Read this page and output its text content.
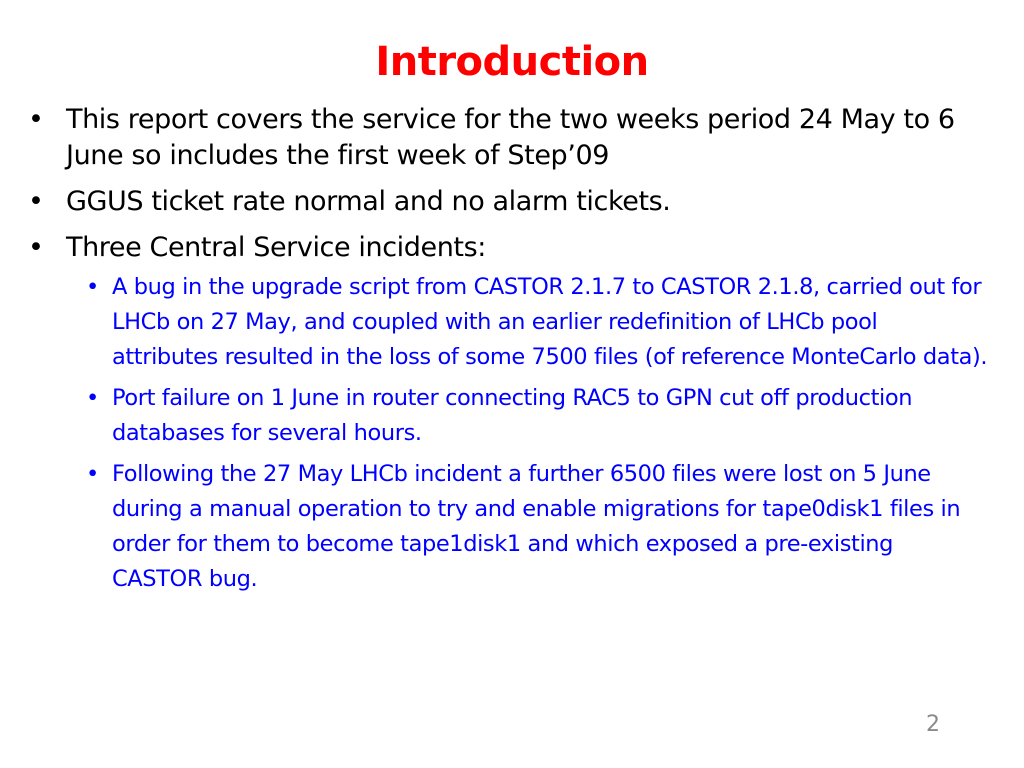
Introduction
• This report covers the service for the two weeks period 24 May to 6 June so includes the first week of Step’09
• GGUS ticket rate normal and no alarm tickets.
• Three Central Service incidents:
• A bug in the upgrade script from CASTOR 2.1.7 to CASTOR 2.1.8, carried out for LHCb on 27 May, and coupled with an earlier redefinition of LHCb pool attributes resulted in the loss of some 7500 files (of reference MonteCarlo data).
• Port failure on 1 June in router connecting RAC5 to GPN cut off production databases for several hours.
• Following the 27 May LHCb incident a further 6500 files were lost on 5 June during a manual operation to try and enable migrations for tape0disk1 files in order for them to become tape1disk1 and which exposed a pre-existing CASTOR bug.
2
